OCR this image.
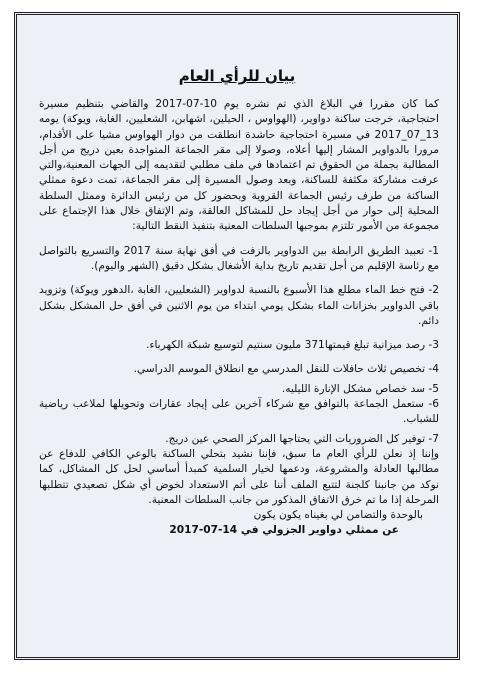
بيان للرأي العام

كما كان مقررا في البلاغ الذي تم نشره يوم 10-07-2017 والقاضي بتنظيم مسيرة احتجاجية، خرجت ساكنة دواوير، (الهواوس ، الحيلين، اشهابن، الشعليين، الغابة، ويوكة) يومه 13_07_2017 في مسيرة احتجاجية حاشدة انطلقت من دوار الهواوس مشيا على الأقدام، مرورا بالدواوير المشار إليها أعلاه، وصولا إلى مقر الجماعة المتواجدة بعين دريج من أجل المطالبة بجملة من الحقوق تم اعتمادها في ملف مطلبي لتقديمه إلى الجهات المعنية،والتي عرفت مشاركة مكثفة للساكنة، وبعد وصول المسيرة إلى مقر الجماعة، تمت دعوة ممثلي الساكنة من طرف رئيس الجماعة القروية وبحضور كل من رئيس الدائرة وممثل السلطة المحلية إلى حوار من أجل إيجاد حل للمشاكل العالقة، وتم الإتفاق خلال هذا الإجتماع على مجموعة من الأمور تلتزم بموجبها السلطات المعنية بتنفيذ النقط التالية:

1- تعبيد الطريق الرابطة بين الدواوير بالزفت في أفق نهاية سنة 2017 والتسريع بالتواصل مع رئاسة الإقليم من أجل تقديم تاريخ بداية الأشغال بشكل دقيق (الشهر واليوم).

2- فتح خط الماء مطلع هذا الأسبوع بالنسبة لدواوير (الشعليين، الغابة ،الدهور ويوكة) وتزويد باقي الدواوير بخزانات الماء بشكل يومي ابتداء من يوم الاثنين في أفق حل المشكل بشكل دائم.

3- رصد ميزانية تبلغ قيمتها371 مليون سنتيم لتوسيع شبكة الكهرباء.

4- تخصيص ثلاث حافلات للنقل المدرسي مع انطلاق الموسم الدراسي.

5- سد خصاص مشكل الإنارة الليليه.

6- ستعمل الجماعة بالتوافق مع شركاء آخرين على إيجاد عقارات وتحويلها لملاعب رياضية للشباب.

7- توفير كل الضروريات التي يحتاجها المركز الصحي عين دريج.

وإننا إذ نعلن للرأي العام ما سبق، فإننا نشيد بتحلي الساكنة بالوعي الكافي للدفاع عن مطالبها العادلة والمشروعة، ودعمها لخيار السلمية كمبدأ أساسي لحل كل المشاكل، كما نوكد من جانبنا كلجنة لتتبع الملف أننا على أتم الاستعداد لخوض أي شكل تصعيدي تتطلبها المرحلة إذا ما تم خرق الاتفاق المذكور من جانب السلطات المعنية.

بالوحدة والتضامن لي بغيناه يكون يكون

عن ممثلي دواوير الجزولي في 14-07-2017
